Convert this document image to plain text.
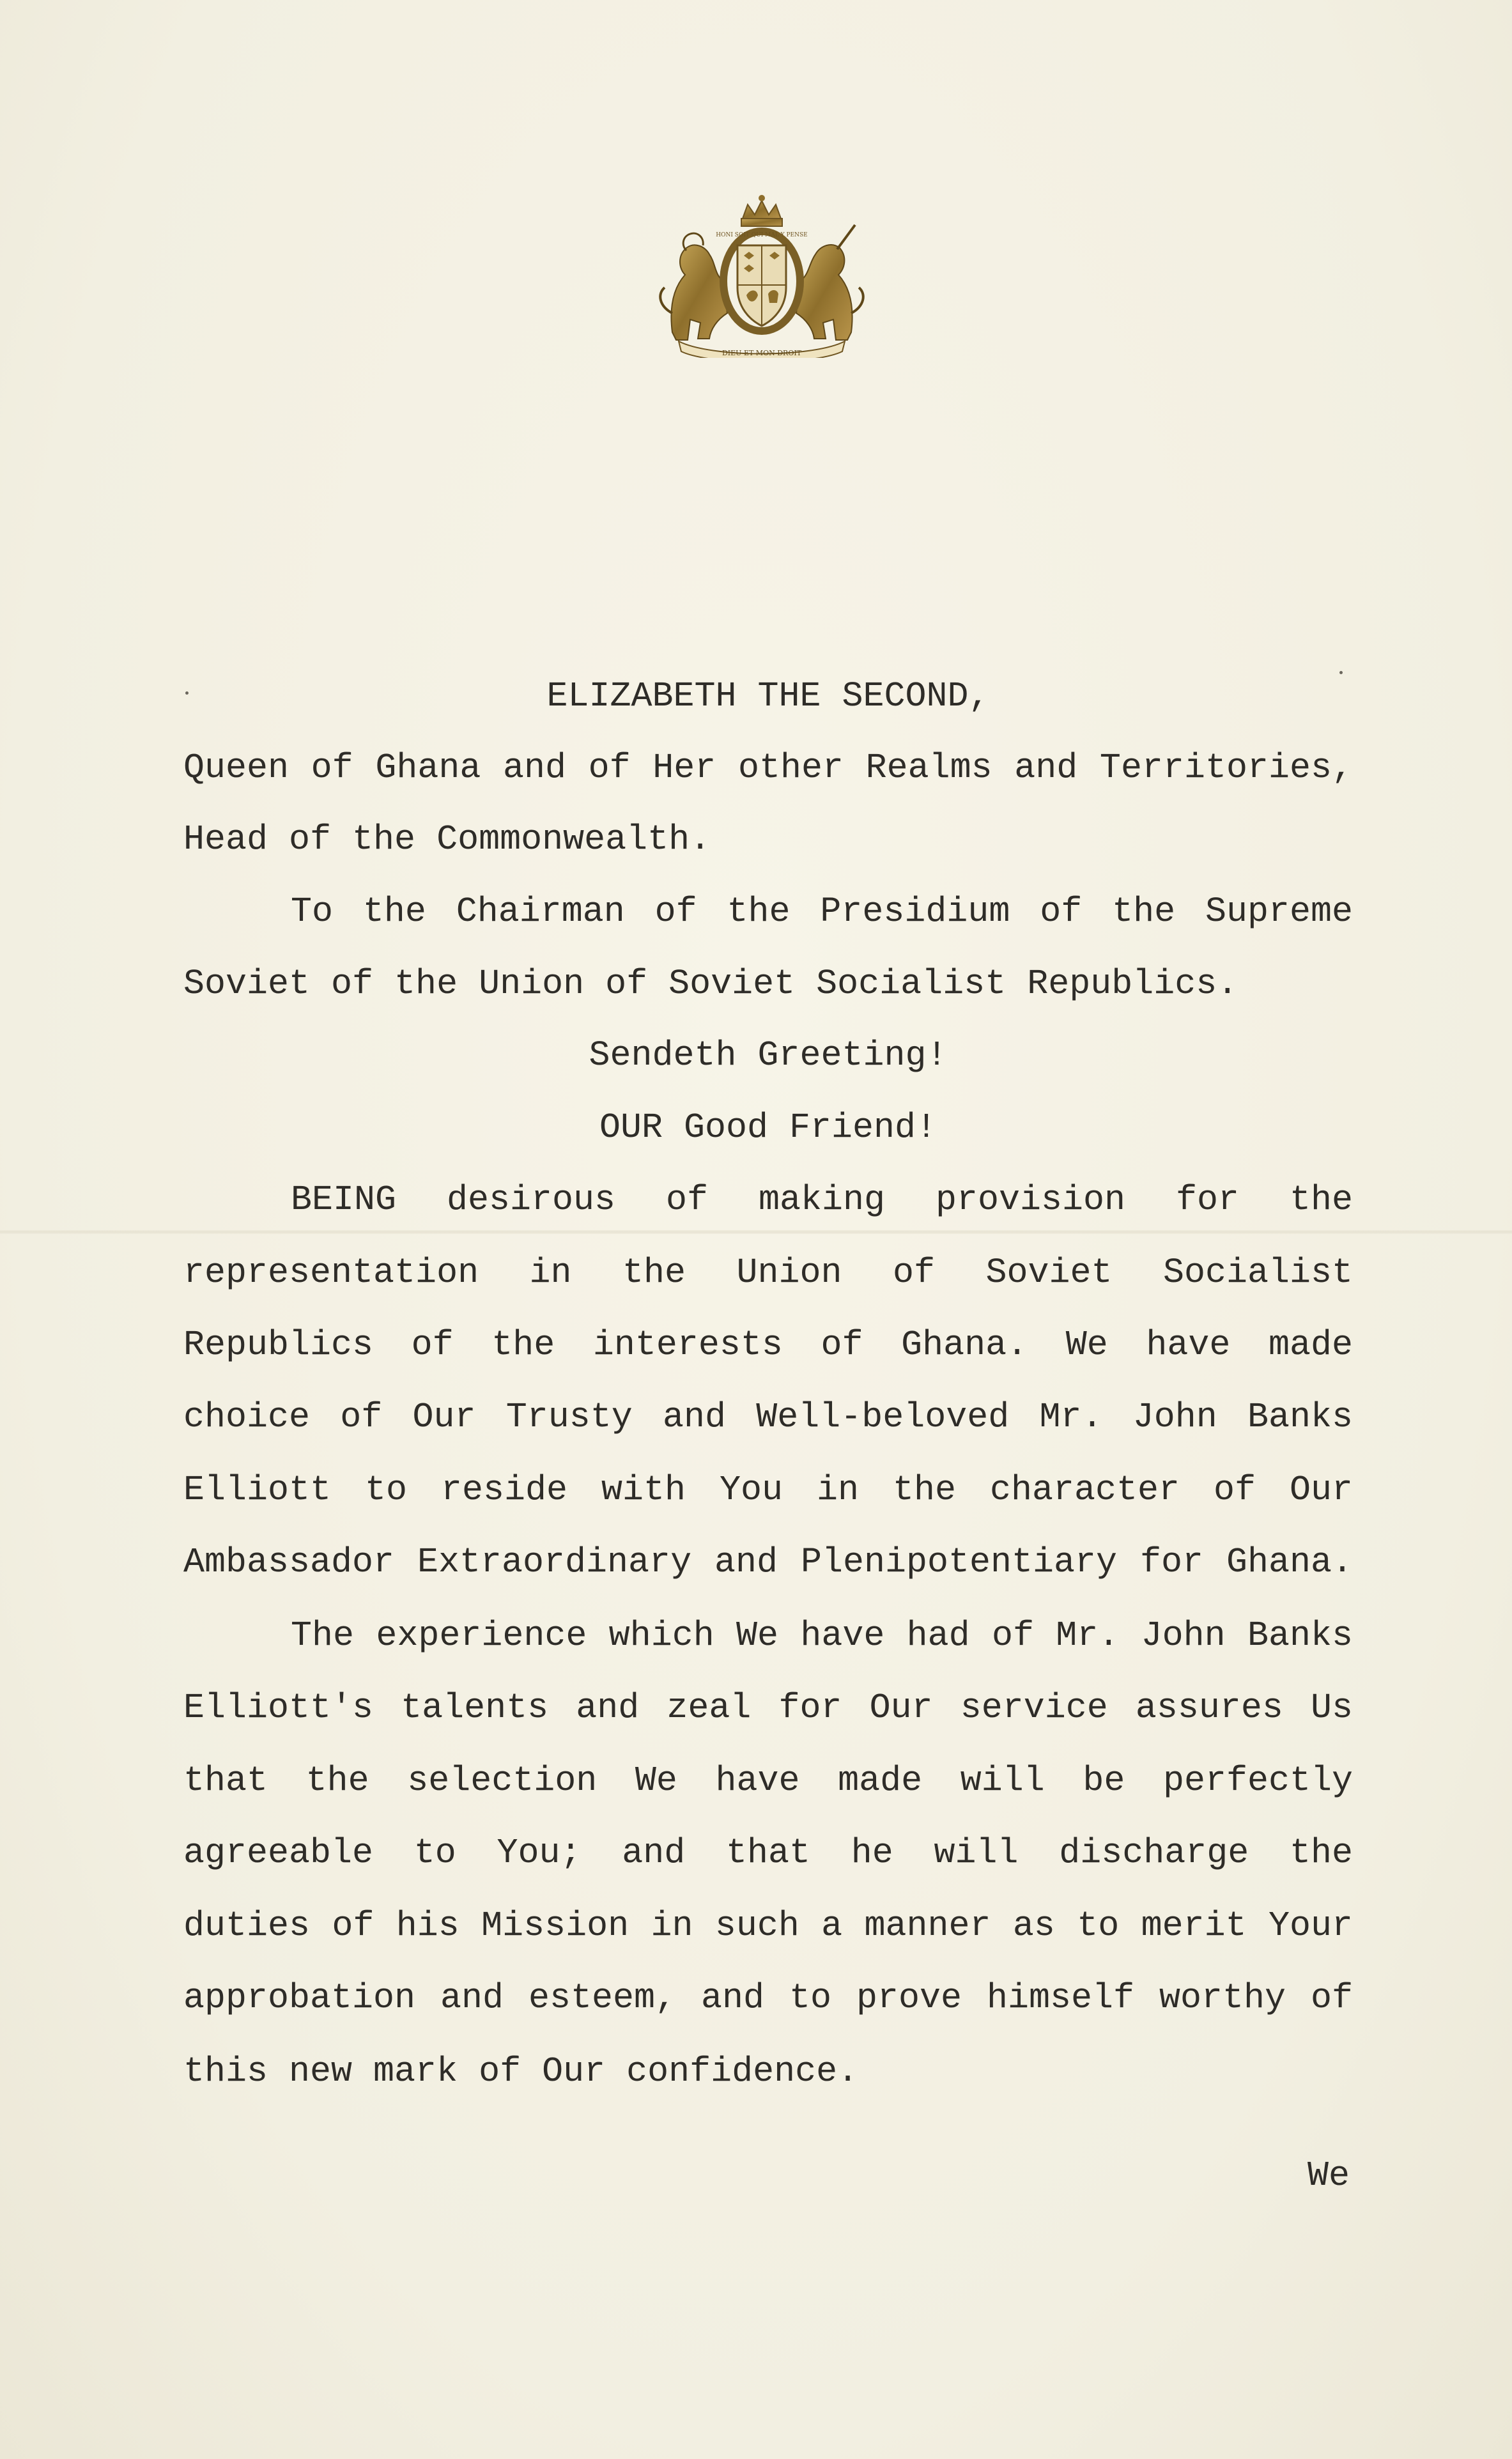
HONI SOIT QUI MAL Y PENSE
DIEU ET MON DROIT
ELIZABETH THE SECOND,
Queen of Ghana and of Her other Realms and Territories,
Head of the Commonwealth.
To the Chairman of the Presidium of the Supreme
Soviet of the Union of Soviet Socialist Republics.
Sendeth Greeting!
OUR Good Friend!
BEING desirous of making provision for the
representation in the Union of Soviet Socialist
Republics of the interests of Ghana. We have made
choice of Our Trusty and Well-beloved Mr. John Banks
Elliott to reside with You in the character of Our
Ambassador Extraordinary and Plenipotentiary for Ghana.
The experience which We have had of Mr. John Banks
Elliott's talents and zeal for Our service assures Us
that the selection We have made will be perfectly
agreeable to You; and that he will discharge the
duties of his Mission in such a manner as to merit Your
approbation and esteem, and to prove himself worthy of
this new mark of Our confidence.
We
